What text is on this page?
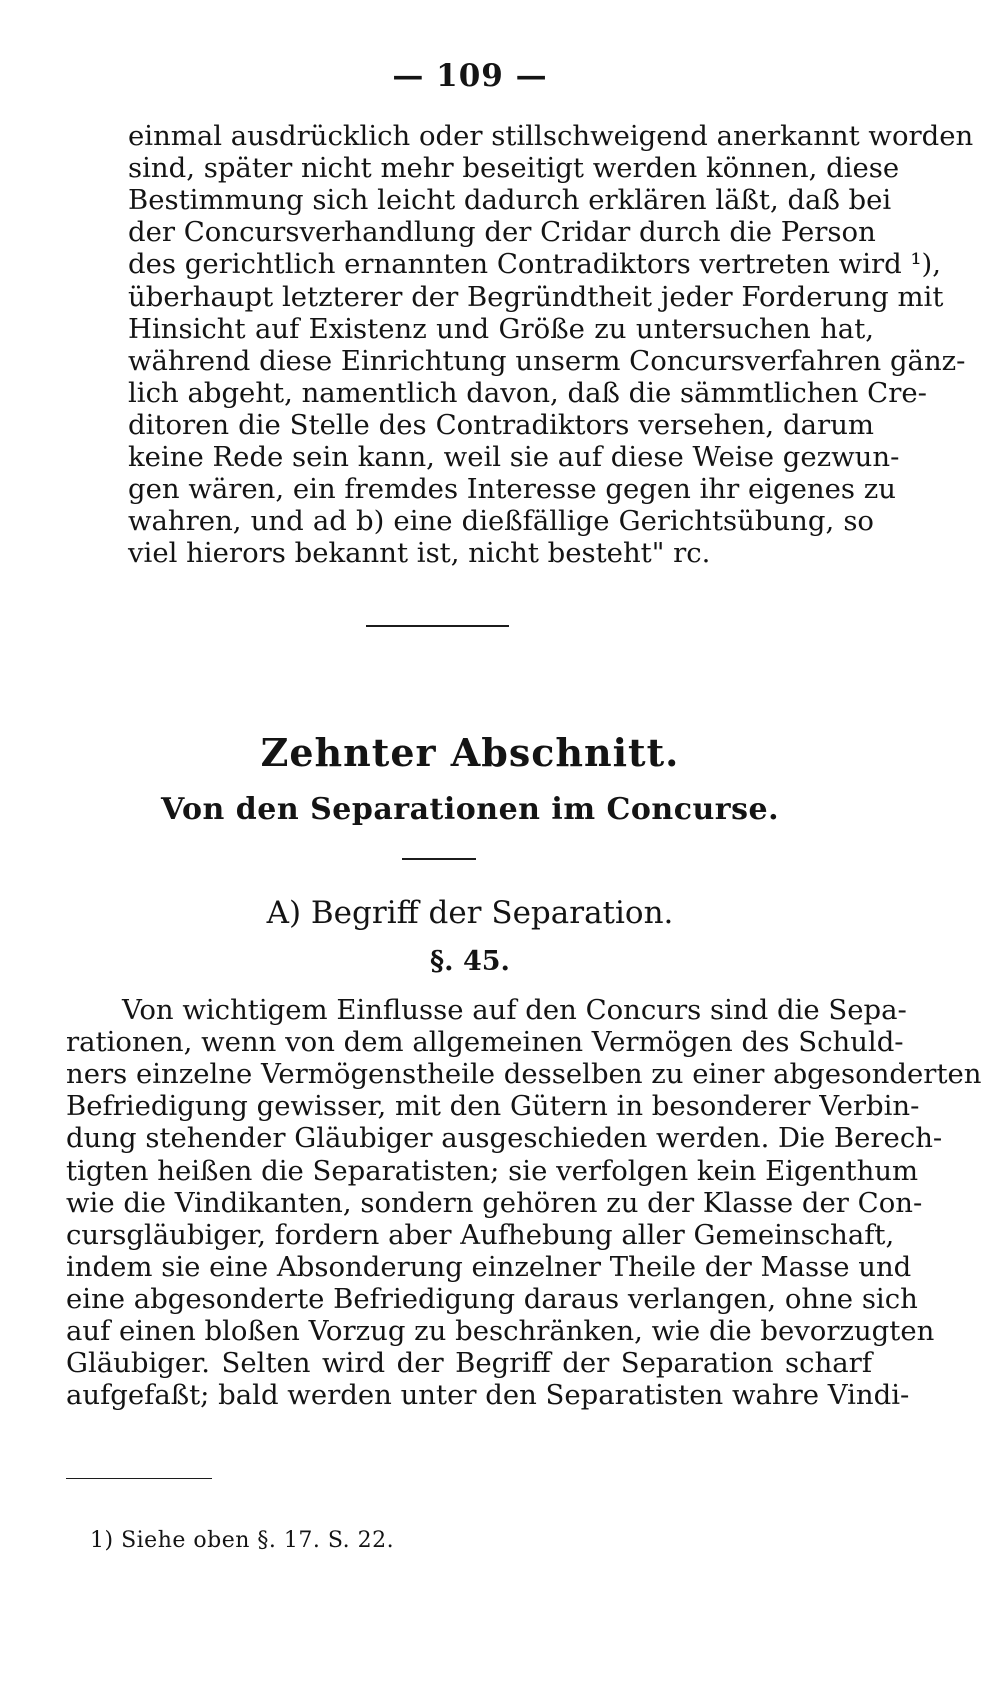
— 109 —
einmal ausdrücklich oder stillschweigend anerkannt worden
sind, später nicht mehr beseitigt werden können, diese
Bestimmung sich leicht dadurch erklären läßt, daß bei
der Concursverhandlung der Cridar durch die Person
des gerichtlich ernannten Contradiktors vertreten wird ¹),
überhaupt letzterer der Begründtheit jeder Forderung mit
Hinsicht auf Existenz und Größe zu untersuchen hat,
während diese Einrichtung unserm Concursverfahren gänz-
lich abgeht, namentlich davon, daß die sämmtlichen Cre-
ditoren die Stelle des Contradiktors versehen, darum
keine Rede sein kann, weil sie auf diese Weise gezwun-
gen wären, ein fremdes Interesse gegen ihr eigenes zu
wahren, und ad b) eine dießfällige Gerichtsübung, so
viel hierors bekannt ist, nicht besteht" rc.
Zehnter Abschnitt.
Von den Separationen im Concurse.
A) Begriff der Separation.
§. 45.
Von wichtigem Einflusse auf den Concurs sind die Sepa-
rationen, wenn von dem allgemeinen Vermögen des Schuld-
ners einzelne Vermögenstheile desselben zu einer abgesonderten
Befriedigung gewisser, mit den Gütern in besonderer Verbin-
dung stehender Gläubiger ausgeschieden werden. Die Berech-
tigten heißen die Separatisten; sie verfolgen kein Eigenthum
wie die Vindikanten, sondern gehören zu der Klasse der Con-
cursgläubiger, fordern aber Aufhebung aller Gemeinschaft,
indem sie eine Absonderung einzelner Theile der Masse und
eine abgesonderte Befriedigung daraus verlangen, ohne sich
auf einen bloßen Vorzug zu beschränken, wie die bevorzugten
Gläubiger. Selten wird der Begriff der Separation scharf
aufgefaßt; bald werden unter den Separatisten wahre Vindi-
1) Siehe oben §. 17. S. 22.
